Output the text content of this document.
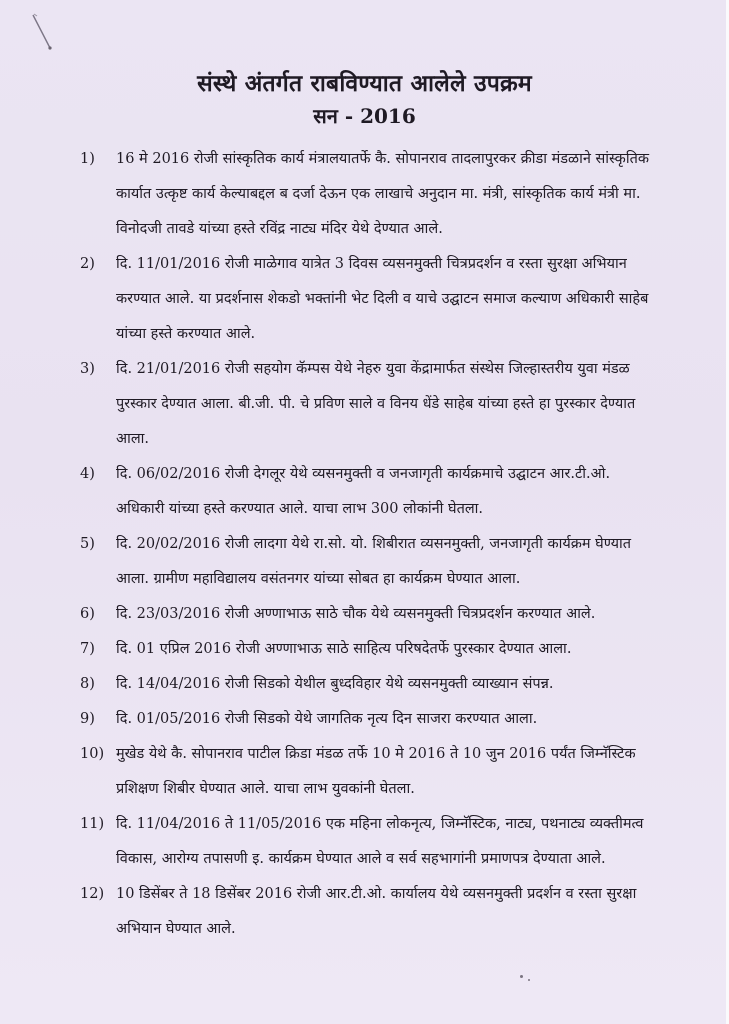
संस्थे अंतर्गत राबविण्यात आलेले उपक्रम
सन - 2016
1)	16 मे 2016 रोजी सांस्कृतिक कार्य मंत्रालयातर्फे कै. सोपानराव तादलापुरकर क्रीडा मंडळाने सांस्कृतिक कार्यात उत्कृष्ट कार्य केल्याबद्दल ब दर्जा देऊन एक लाखाचे अनुदान मा. मंत्री, सांस्कृतिक कार्य मंत्री मा. विनोदजी तावडे यांच्या हस्ते रविंद्र नाट्य मंदिर येथे देण्यात आले.
2)	दि. 11/01/2016 रोजी माळेगाव यात्रेत 3 दिवस व्यसनमुक्ती चित्रप्रदर्शन व रस्ता सुरक्षा अभियान करण्यात आले. या प्रदर्शनास शेकडो भक्तांनी भेट दिली व याचे उद्घाटन समाज कल्याण अधिकारी साहेब यांच्या हस्ते करण्यात आले.
3)	दि. 21/01/2016 रोजी सहयोग कॅम्पस येथे नेहरु युवा केंद्रामार्फत संस्थेस जिल्हास्तरीय युवा मंडळ पुरस्कार देण्यात आला. बी.जी. पी. चे प्रविण साले व विनय धेंडे साहेब यांच्या हस्ते हा पुरस्कार देण्यात आला.
4)	दि. 06/02/2016 रोजी देगलूर येथे व्यसनमुक्ती व जनजागृती कार्यक्रमाचे उद्घाटन आर.टी.ओ. अधिकारी यांच्या हस्ते करण्यात आले. याचा लाभ 300 लोकांनी घेतला.
5)	दि. 20/02/2016 रोजी लादगा येथे रा.सो. यो. शिबीरात व्यसनमुक्ती, जनजागृती कार्यक्रम घेण्यात आला. ग्रामीण महाविद्यालय वसंतनगर यांच्या सोबत हा कार्यक्रम घेण्यात आला.
6)	दि. 23/03/2016 रोजी अण्णाभाऊ साठे चौक येथे व्यसनमुक्ती चित्रप्रदर्शन करण्यात आले.
7)	दि. 01 एप्रिल 2016 रोजी अण्णाभाऊ साठे साहित्य परिषदेतर्फे पुरस्कार देण्यात आला.
8)	दि. 14/04/2016 रोजी सिडको येथील बुध्दविहार येथे व्यसनमुक्ती व्याख्यान संपन्न.
9)	दि. 01/05/2016 रोजी सिडको येथे जागतिक नृत्य दिन साजरा करण्यात आला.
10) मुखेड येथे कै. सोपानराव पाटील क्रिडा मंडळ तर्फे 10 मे 2016 ते 10 जुन 2016 पर्यंत जिम्नॅस्टिक प्रशिक्षण शिबीर घेण्यात आले. याचा लाभ युवकांनी घेतला.
11) दि. 11/04/2016 ते 11/05/2016 एक महिना लोकनृत्य, जिम्नॅस्टिक, नाट्य, पथनाट्य व्यक्तीमत्व विकास, आरोग्य तपासणी इ. कार्यक्रम घेण्यात आले व सर्व सहभागांनी प्रमाणपत्र देण्याता आले.
12) 10 डिसेंबर ते 18 डिसेंबर 2016 रोजी आर.टी.ओ. कार्यालय येथे व्यसनमुक्ती प्रदर्शन व रस्ता सुरक्षा अभियान घेण्यात आले.
